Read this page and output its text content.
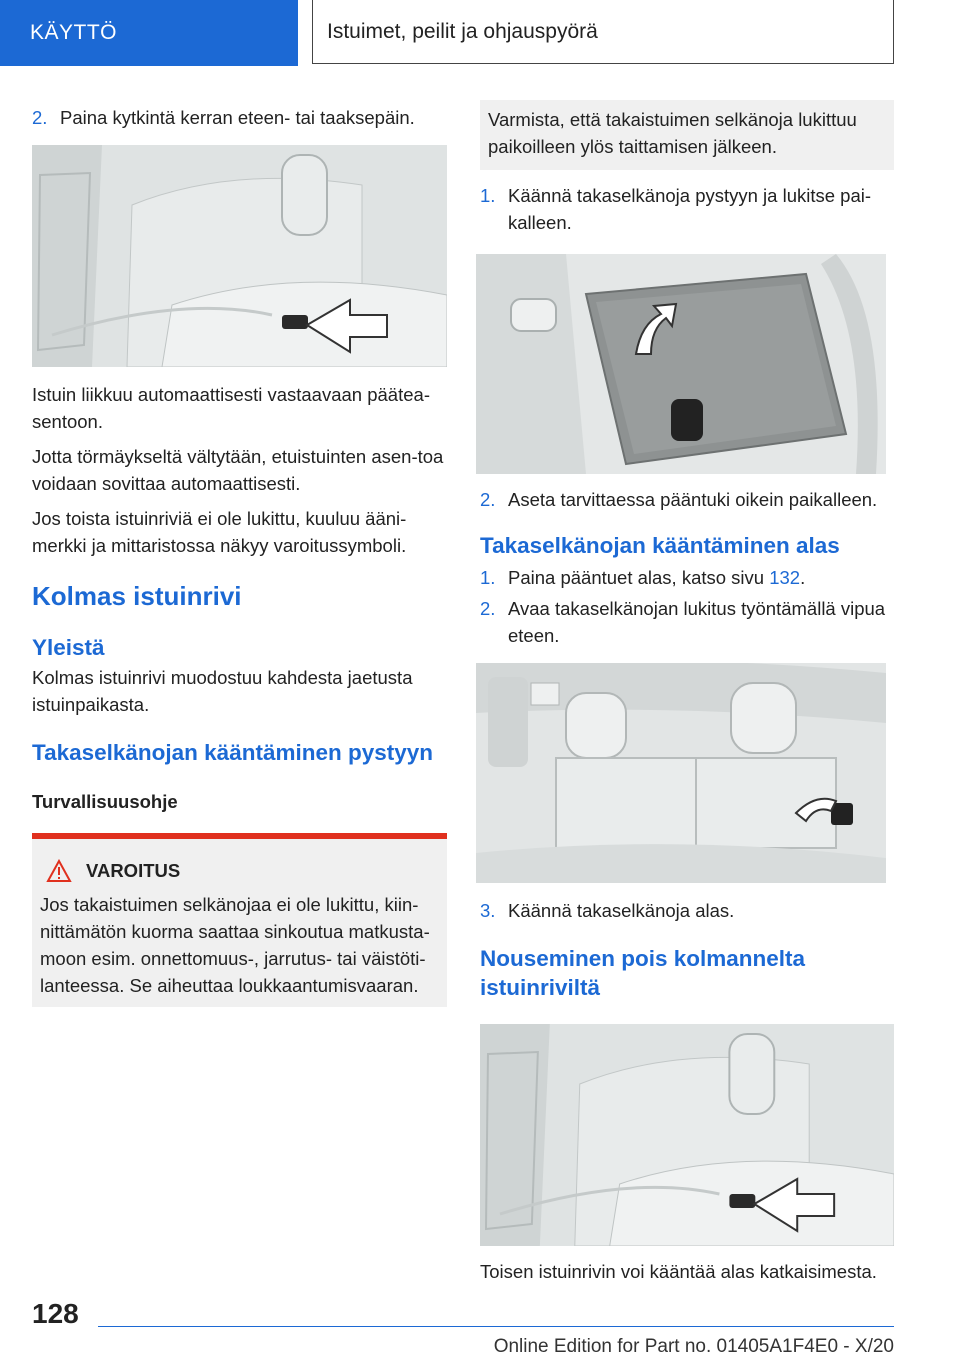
KÄYTTÖ	Istuimet, peilit ja ohjauspyörä
2. Paina kytkintä kerran eteen- tai taaksepäin.

Istuin liikkuu automaattisesti vastaavaan päätea-sentoon.

Jotta törmäykseltä vältytään, etuistuinten asen-toa voidaan sovittaa automaattisesti.

Jos toista istuinriviä ei ole lukittu, kuuluu ääni-merkki ja mittaristossa näkyy varoitussymboli.

Kolmas istuinrivi
Yleistä

Kolmas istuinrivi muodostuu kahdesta jaetusta istuinpaikasta.

Takaselkänojan kääntäminen pystyyn
Turvallisuusohje
VAROITUS

Jos takaistuimen selkänojaa ei ole lukittu, kiin-nittämätön kuorma saattaa sinkoutua matkusta-moon esim. onnettomuus-, jarrutus- tai väistöti-lanteessa. Se aiheuttaa loukkaantumisvaaran.

Varmista, että takaistuimen selkänoja lukittuu paikoilleen ylös taittamisen jälkeen.

1. Käännä takaselkänoja pystyyn ja lukitse pai-kalleen.
2. Aseta tarvittaessa pääntuki oikein paikalleen.
Takaselkänojan kääntäminen alas
1. Paina pääntuet alas, katso sivu 132.
2. Avaa takaselkänojan lukitus työntämällä vipua eteen.
3. Käännä takaselkänoja alas.
Nouseminen pois kolmannelta istuinriviltä

Toisen istuinrivin voi kääntää alas katkaisimesta.

128
Online Edition for Part no. 01405A1F4E0 - X/20
